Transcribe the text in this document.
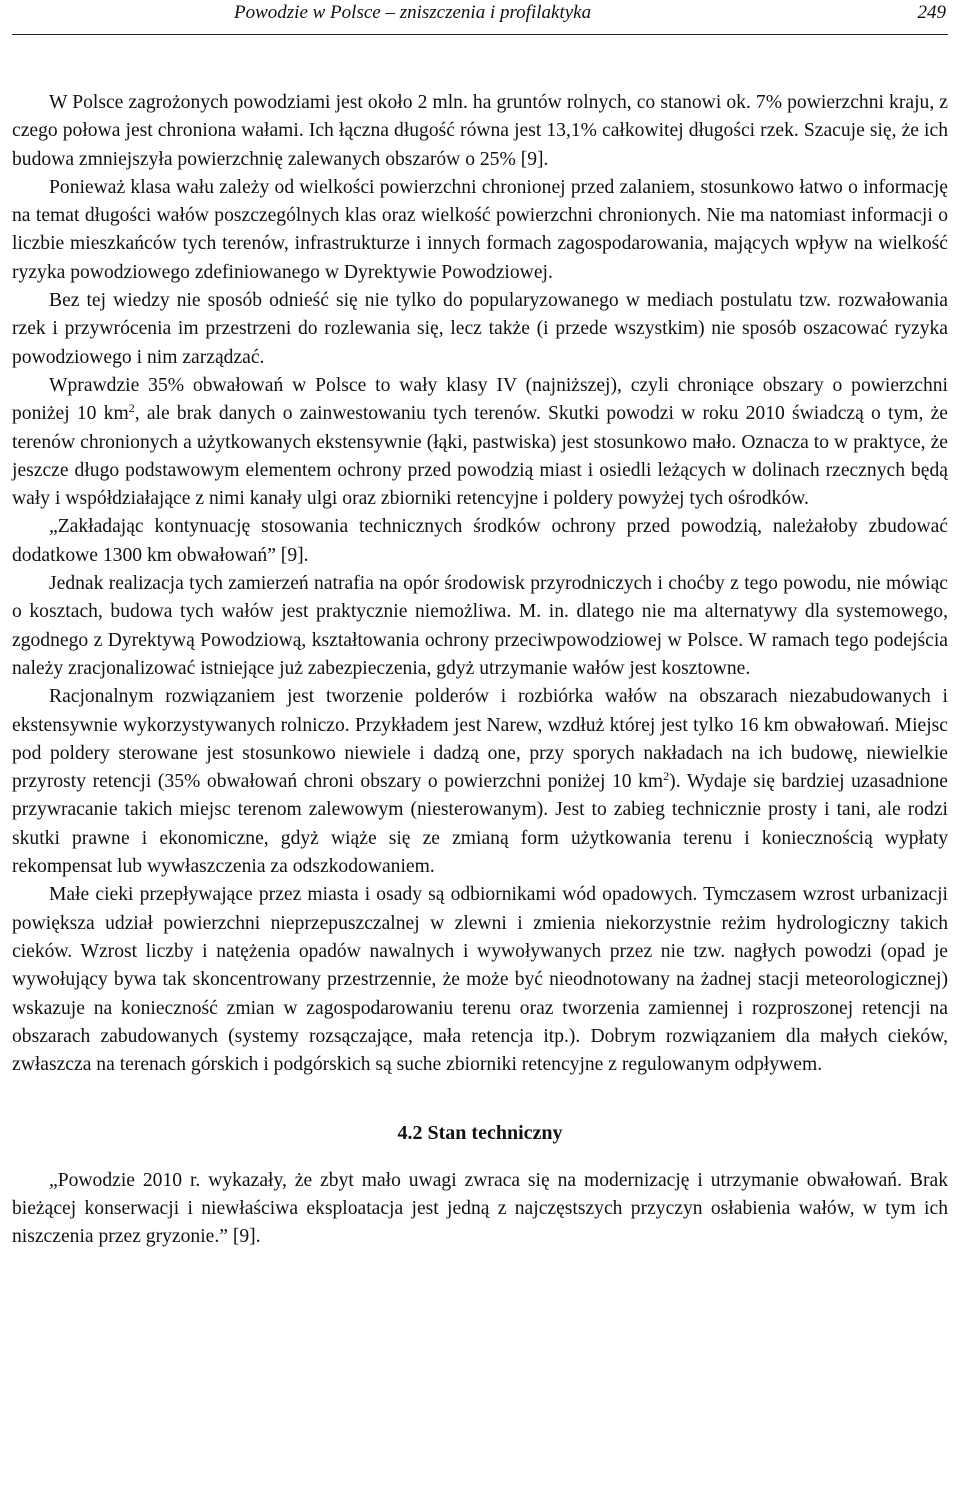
Powodzie w Polsce – zniszczenia i profilaktyka	249

W Polsce zagrożonych powodziami jest około 2 mln. ha gruntów rolnych, co stanowi ok. 7% powierzchni kraju, z czego połowa jest chroniona wałami. Ich łączna długość równa jest 13,1% całkowitej długości rzek. Szacuje się, że ich budowa zmniejszyła powierzchnię zalewanych obszarów o 25% [9].

Ponieważ klasa wału zależy od wielkości powierzchni chronionej przed zalaniem, stosunkowo łatwo o informację na temat długości wałów poszczególnych klas oraz wielkość powierzchni chronionych. Nie ma natomiast informacji o liczbie mieszkańców tych terenów, infrastrukturze i innych formach zagospodarowania, mających wpływ na wielkość ryzyka powodziowego zdefiniowanego w Dyrektywie Powodziowej.

Bez tej wiedzy nie sposób odnieść się nie tylko do popularyzowanego w mediach postulatu tzw. rozwałowania rzek i przywrócenia im przestrzeni do rozlewania się, lecz także (i przede wszystkim) nie sposób oszacować ryzyka powodziowego i nim zarządzać.

Wprawdzie 35% obwałowań w Polsce to wały klasy IV (najniższej), czyli chroniące obszary o powierzchni poniżej 10 $km^2$, ale brak danych o zainwestowaniu tych terenów. Skutki powodzi w roku 2010 świadczą o tym, że terenów chronionych a użytkowanych ekstensywnie (łąki, pastwiska) jest stosunkowo mało. Oznacza to w praktyce, że jeszcze długo podstawowym elementem ochrony przed powodzią miast i osiedli leżących w dolinach rzecznych będą wały i współdziałające z nimi kanały ulgi oraz zbiorniki retencyjne i poldery powyżej tych ośrodków.

„Zakładając kontynuację stosowania technicznych środków ochrony przed powodzią, należałoby zbudować dodatkowe 1300 km obwałowań” [9].

Jednak realizacja tych zamierzeń natrafia na opór środowisk przyrodniczych i choćby z tego powodu, nie mówiąc o kosztach, budowa tych wałów jest praktycznie niemożliwa. M. in. dlatego nie ma alternatywy dla systemowego, zgodnego z Dyrektywą Powodziową, kształtowania ochrony przeciwpowodziowej w Polsce. W ramach tego podejścia należy zracjonalizować istniejące już zabezpieczenia, gdyż utrzymanie wałów jest kosztowne.

Racjonalnym rozwiązaniem jest tworzenie polderów i rozbiórka wałów na obszarach niezabudowanych i ekstensywnie wykorzystywanych rolniczo. Przykładem jest Narew, wzdłuż której jest tylko 16 km obwałowań. Miejsc pod poldery sterowane jest stosunkowo niewiele i dadzą one, przy sporych nakładach na ich budowę, niewielkie przyrosty retencji (35% obwałowań chroni obszary o powierzchni poniżej 10 $km^2$). Wydaje się bardziej uzasadnione przywracanie takich miejsc terenom zalewowym (niesterowanym). Jest to zabieg technicznie prosty i tani, ale rodzi skutki prawne i ekonomiczne, gdyż wiąże się ze zmianą form użytkowania terenu i koniecznością wypłaty rekompensat lub wywłaszczenia za odszkodowaniem.

Małe cieki przepływające przez miasta i osady są odbiornikami wód opadowych. Tymczasem wzrost urbanizacji powiększa udział powierzchni nieprzepuszczalnej w zlewni i zmienia niekorzystnie reżim hydrologiczny takich cieków. Wzrost liczby i natężenia opadów nawalnych i wywoływanych przez nie tzw. nagłych powodzi (opad je wywołujący bywa tak skoncentrowany przestrzennie, że może być nieodnotowany na żadnej stacji meteorologicznej) wskazuje na konieczność zmian w zagospodarowaniu terenu oraz tworzenia zamiennej i rozproszonej retencji na obszarach zabudowanych (systemy rozsączające, mała retencja itp.). Dobrym rozwiązaniem dla małych cieków, zwłaszcza na terenach górskich i podgórskich są suche zbiorniki retencyjne z regulowanym odpływem.

4.2 Stan techniczny

„Powodzie 2010 r. wykazały, że zbyt mało uwagi zwraca się na modernizację i utrzymanie obwałowań. Brak bieżącej konserwacji i niewłaściwa eksploatacja jest jedną z najczęstszych przyczyn osłabienia wałów, w tym ich niszczenia przez gryzonie.” [9].
